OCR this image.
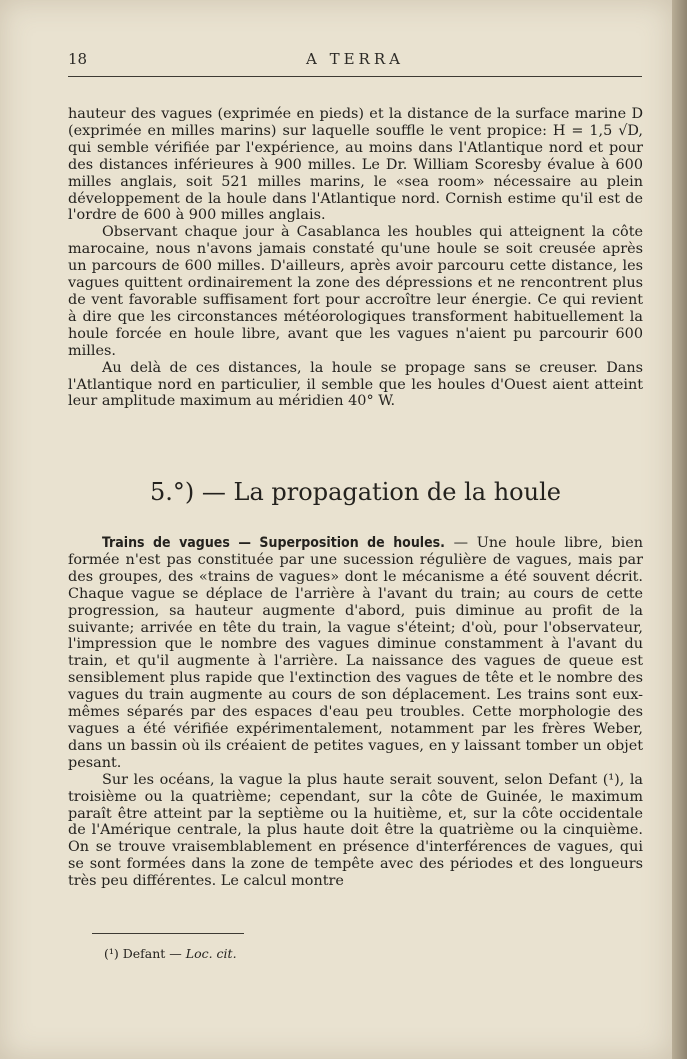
18	A TERRA

hauteur des vagues (exprimée en pieds) et la distance de la surface marine D (exprimée en milles marins) sur laquelle souffle le vent propice: H = 1,5 √D, qui semble vérifiée par l'expérience, au moins dans l'Atlantique nord et pour des distances inférieures à 900 milles. Le Dr. William Scoresby évalue à 600 milles anglais, soit 521 milles marins, le «sea room» nécessaire au plein développement de la houle dans l'Atlantique nord. Cornish estime qu'il est de l'ordre de 600 à 900 milles anglais.

Observant chaque jour à Casablanca les houbles qui atteignent la côte marocaine, nous n'avons jamais constaté qu'une houle se soit creusée après un parcours de 600 milles. D'ailleurs, après avoir parcouru cette distance, les vagues quittent ordinairement la zone des dépressions et ne rencontrent plus de vent favorable suffisament fort pour accroître leur énergie. Ce qui revient à dire que les circonstances météorologiques transforment habituellement la houle forcée en houle libre, avant que les vagues n'aient pu parcourir 600 milles.

Au delà de ces distances, la houle se propage sans se creuser. Dans l'Atlantique nord en particulier, il semble que les houles d'Ouest aient atteint leur amplitude maximum au méridien 40° W.

5.°) — La propagation de la houle

Trains de vagues — Superposition de houles. — Une houle libre, bien formée n'est pas constituée par une sucession régulière de vagues, mais par des groupes, des «trains de vagues» dont le mécanisme a été souvent décrit. Chaque vague se déplace de l'arrière à l'avant du train; au cours de cette progression, sa hauteur augmente d'abord, puis diminue au profit de la suivante; arrivée en tête du train, la vague s'éteint; d'où, pour l'observateur, l'impression que le nombre des vagues diminue constamment à l'avant du train, et qu'il augmente à l'arrière. La naissance des vagues de queue est sensiblement plus rapide que l'extinction des vagues de tête et le nombre des vagues du train augmente au cours de son déplacement. Les trains sont eux-mêmes séparés par des espaces d'eau peu troubles. Cette morphologie des vagues a été vérifiée expérimentalement, notamment par les frères Weber, dans un bassin où ils créaient de petites vagues, en y laissant tomber un objet pesant.

Sur les océans, la vague la plus haute serait souvent, selon Defant (¹), la troisième ou la quatrième; cependant, sur la côte de Guinée, le maximum paraît être atteint par la septième ou la huitième, et, sur la côte occidentale de l'Amérique centrale, la plus haute doit être la quatrième ou la cinquième. On se trouve vraisemblablement en présence d'interférences de vagues, qui se sont formées dans la zone de tempête avec des périodes et des longueurs très peu différentes. Le calcul montre

(¹) Defant — Loc. cit.
